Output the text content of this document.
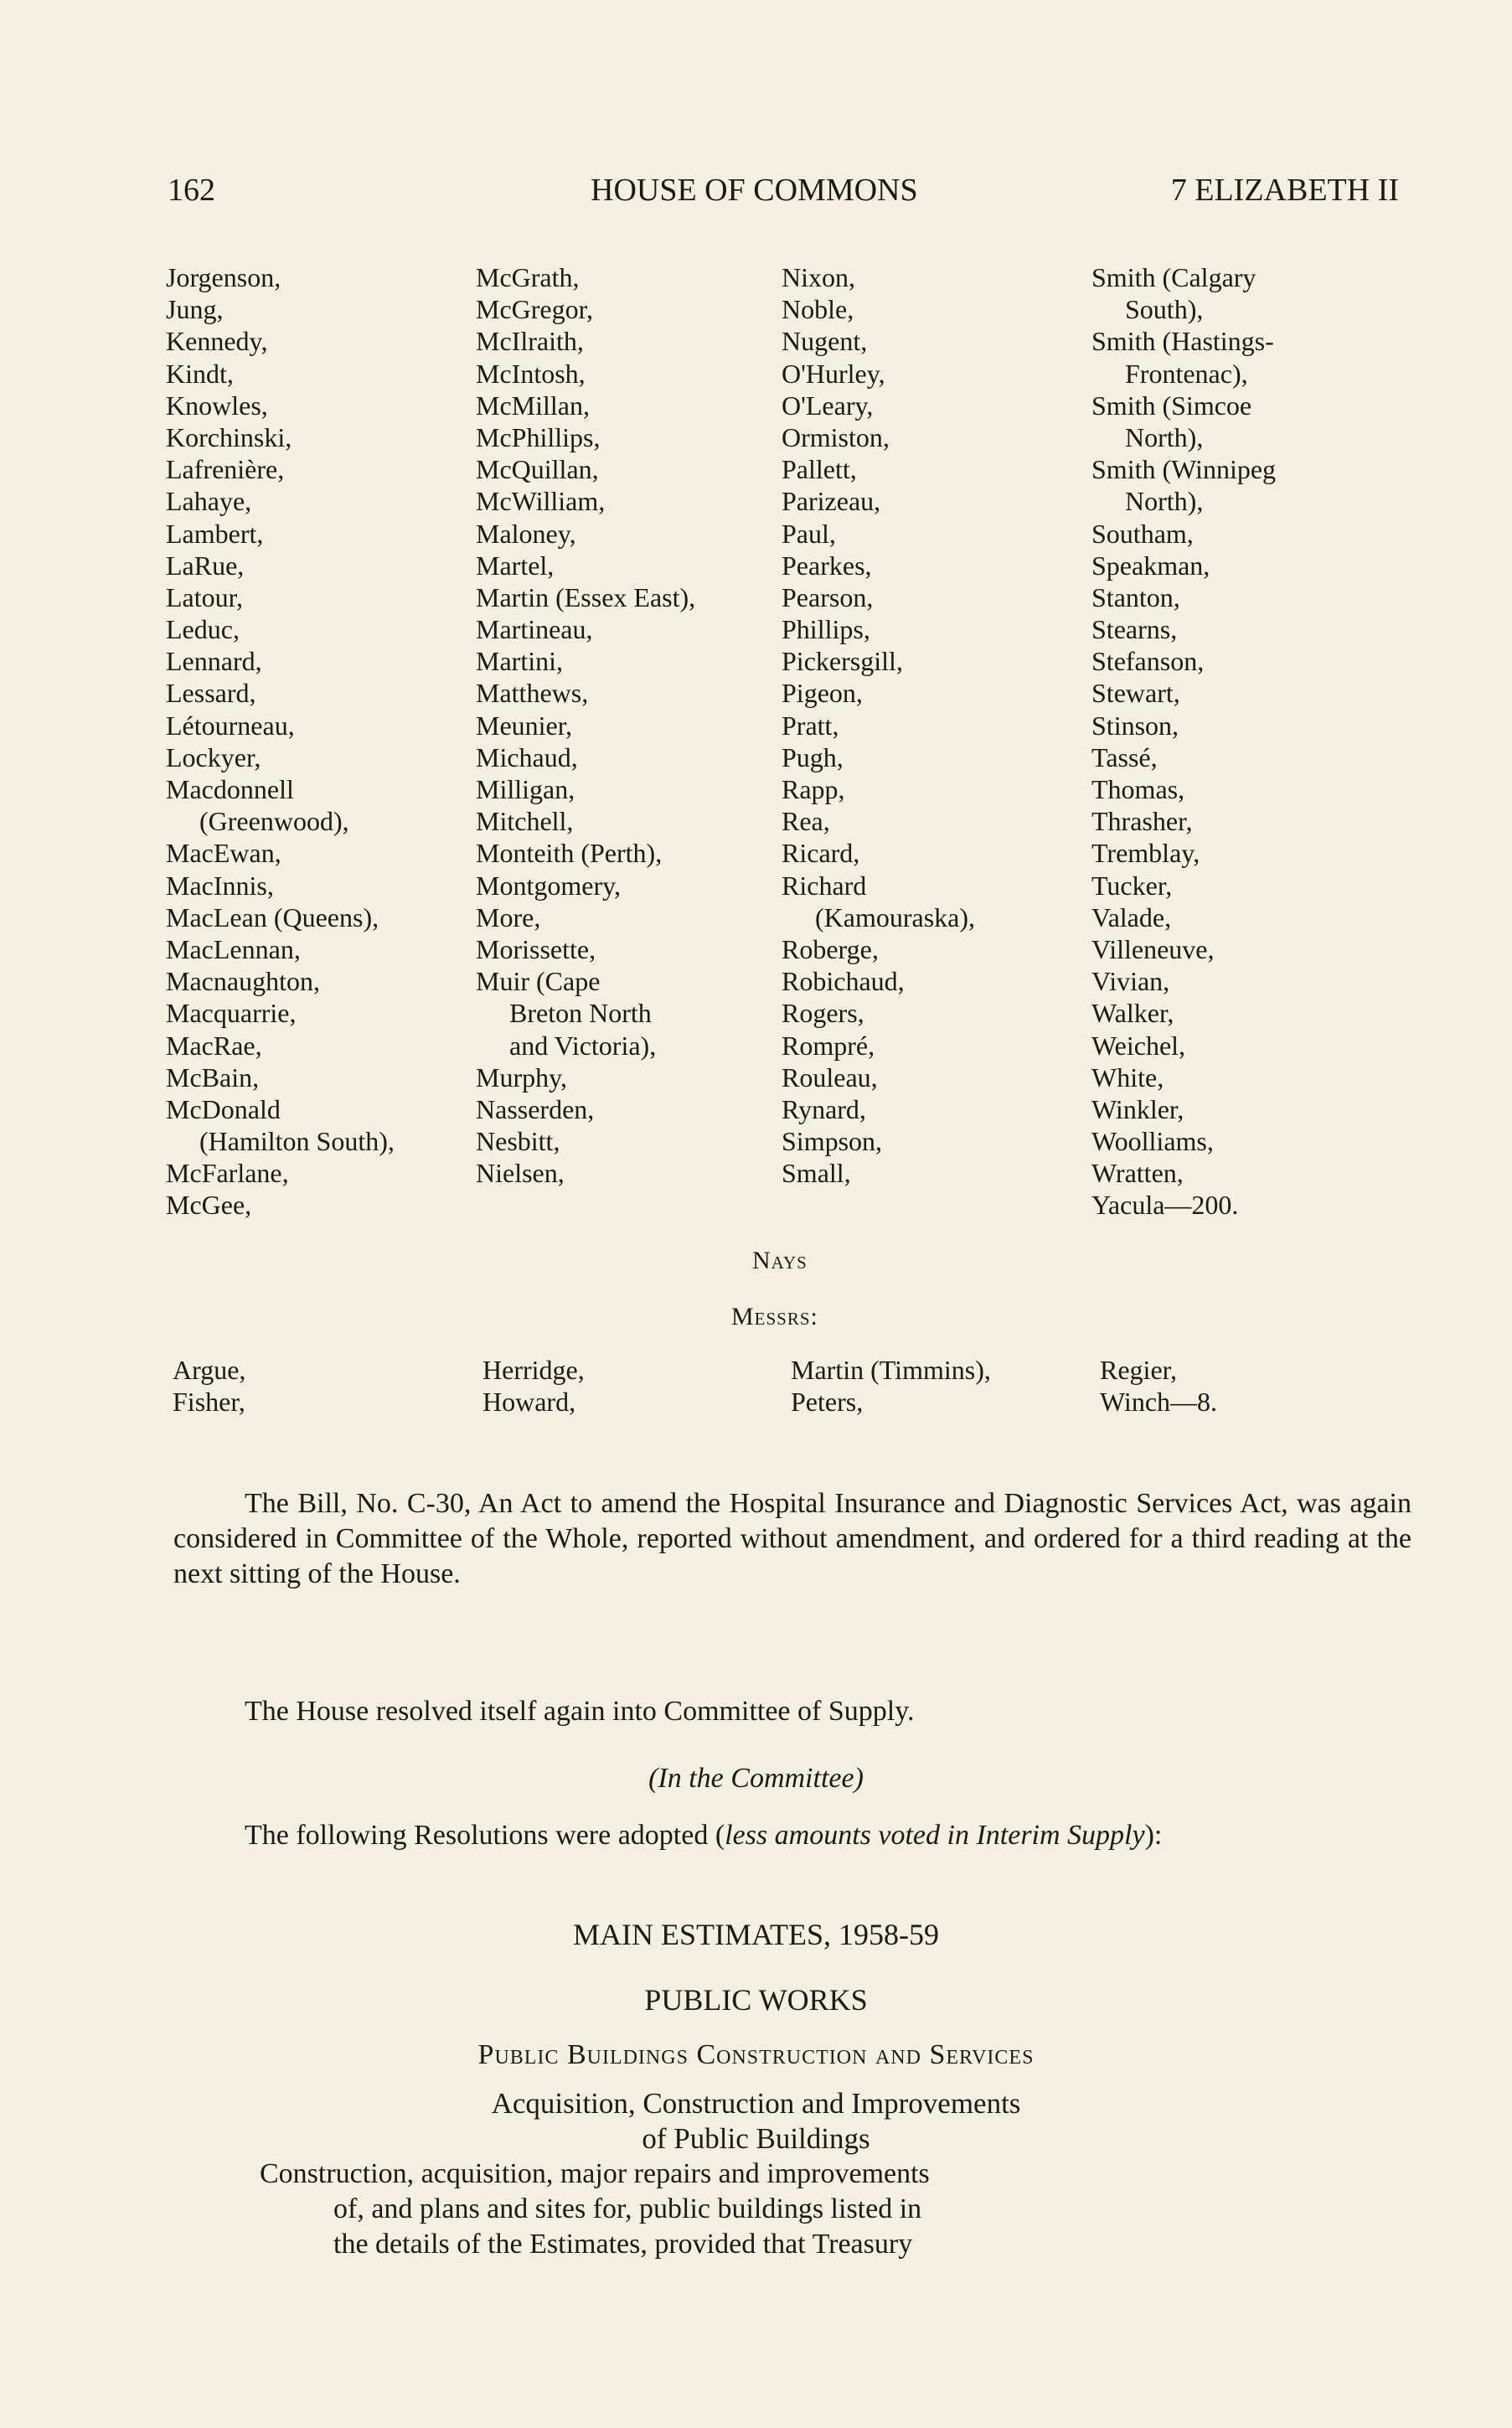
162	HOUSE OF COMMONS	7 ELIZABETH II
Jorgenson,
Jung,
Kennedy,
Kindt,
Knowles,
Korchinski,
Lafrenière,
Lahaye,
Lambert,
LaRue,
Latour,
Leduc,
Lennard,
Lessard,
Létourneau,
Lockyer,
Macdonnell
(Greenwood),
MacEwan,
MacInnis,
MacLean (Queens),
MacLennan,
Macnaughton,
Macquarrie,
MacRae,
McBain,
McDonald
(Hamilton South),
McFarlane,
McGee,
McGrath,
McGregor,
McIlraith,
McIntosh,
McMillan,
McPhillips,
McQuillan,
McWilliam,
Maloney,
Martel,
Martin (Essex East),
Martineau,
Martini,
Matthews,
Meunier,
Michaud,
Milligan,
Mitchell,
Monteith (Perth),
Montgomery,
More,
Morissette,
Muir (Cape
Breton North
and Victoria),
Murphy,
Nasserden,
Nesbitt,
Nielsen,
Nixon,
Noble,
Nugent,
O'Hurley,
O'Leary,
Ormiston,
Pallett,
Parizeau,
Paul,
Pearkes,
Pearson,
Phillips,
Pickersgill,
Pigeon,
Pratt,
Pugh,
Rapp,
Rea,
Ricard,
Richard
(Kamouraska),
Roberge,
Robichaud,
Rogers,
Rompré,
Rouleau,
Rynard,
Simpson,
Small,
Smith (Calgary
South),
Smith (Hastings-
Frontenac),
Smith (Simcoe
North),
Smith (Winnipeg
North),
Southam,
Speakman,
Stanton,
Stearns,
Stefanson,
Stewart,
Stinson,
Tassé,
Thomas,
Thrasher,
Tremblay,
Tucker,
Valade,
Villeneuve,
Vivian,
Walker,
Weichel,
White,
Winkler,
Woolliams,
Wratten,
Yacula—200.
Nays
Messrs:
Argue,
Fisher,
Herridge,
Howard,
Martin (Timmins),
Peters,
Regier,
Winch—8.
The Bill, No. C-30, An Act to amend the Hospital Insurance and Diagnostic Services Act, was again considered in Committee of the Whole, reported without amendment, and ordered for a third reading at the next sitting of the House.
The House resolved itself again into Committee of Supply.
(In the Committee)
The following Resolutions were adopted (less amounts voted in Interim Supply):
MAIN ESTIMATES, 1958-59
PUBLIC WORKS
Public Buildings Construction and Services
Acquisition, Construction and Improvements
of Public Buildings
Construction, acquisition, major repairs and improvements
of, and plans and sites for, public buildings listed in
the details of the Estimates, provided that Treasury
